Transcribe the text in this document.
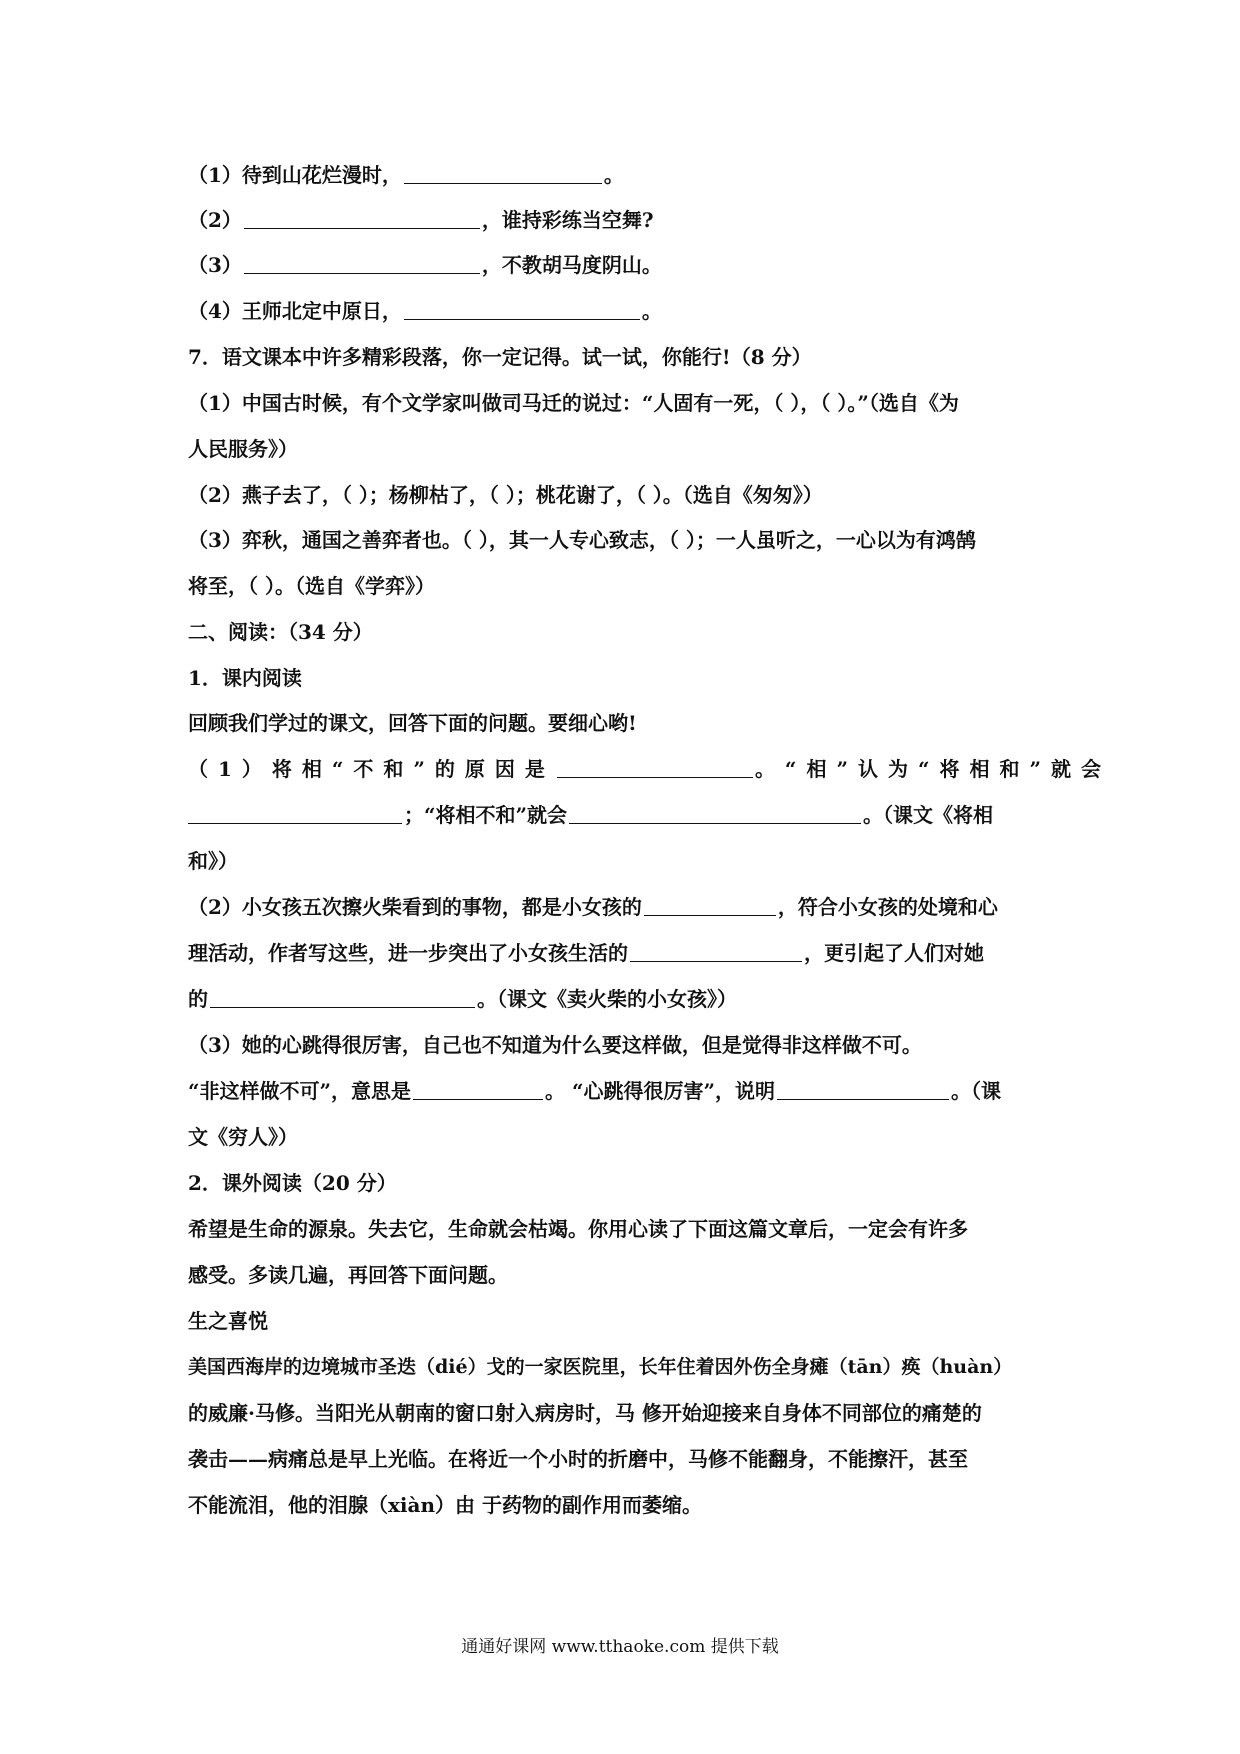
（1）待到山花烂漫时，	。
（2）	，谁持彩练当空舞?
（3）	，不教胡马度阴山。
（4）王师北定中原日，	。
7．语文课本中许多精彩段落，你一定记得。试一试，你能行!（8 分）
（1）中国古时候，有个文学家叫做司马迁的说过：“人固有一死，（ ），（ ）。”（选自《为
人民服务》）
（2）燕子去了，（ ）；杨柳枯了，（ ）；桃花谢了，（ ）。（选自《匆匆》）
（3）弈秋，通国之善弈者也。（ ），其一人专心致志，（ ）；一人虽听之，一心以为有鸿鹄
将至，（ ）。（选自《学弈》）
二、阅读：（34 分）
1．课内阅读
回顾我们学过的课文，回答下面的问题。要细心哟!
（1）将相“不和”的原因是	。“相”认为“将相和”就会
；“将相不和”就会	。（课文《将相
和》）
（2）小女孩五次擦火柴看到的事物，都是小女孩的	，符合小女孩的处境和心
理活动，作者写这些，进一步突出了小女孩生活的	，更引起了人们对她
的	。（课文《卖火柴的小女孩》）
（3）她的心跳得很厉害，自己也不知道为什么要这样做，但是觉得非这样做不可。
“非这样做不可”，意思是	。 “心跳得很厉害”，说明	。（课
文《穷人》）
2．课外阅读（20 分）
希望是生命的源泉。失去它，生命就会枯竭。你用心读了下面这篇文章后，一定会有许多
感受。多读几遍，再回答下面问题。
生之喜悦
美国西海岸的边境城市圣迭（dié）戈的一家医院里，长年住着因外伤全身瘫（tān）痪（huàn）
的威廉·马修。当阳光从朝南的窗口射入病房时，马 修开始迎接来自身体不同部位的痛楚的
袭击——病痛总是早上光临。在将近一个小时的折磨中，马修不能翻身，不能擦汗，甚至
不能流泪，他的泪腺（xiàn）由 于药物的副作用而萎缩。
通通好课网 www.tthaoke.com 提供下载
